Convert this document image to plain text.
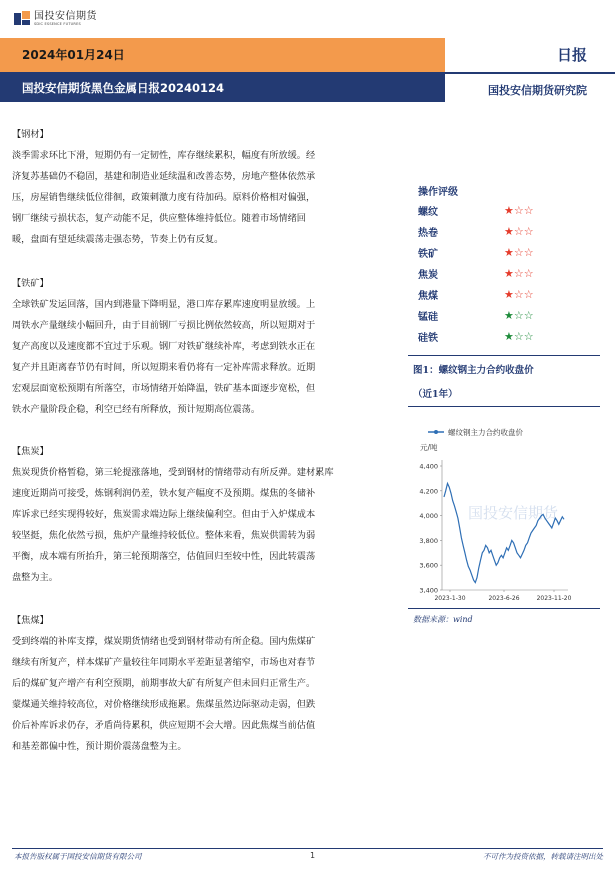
国投安信期货
SDIC ESSENCE FUTURES
2024年01月24日
国投安信期货黑色金属日报20240124
日报
国投安信期货研究院
【钢材】
淡季需求环比下滑，短期仍有一定韧性，库存继续累积，幅度有所放缓。经
济复苏基础仍不稳固，基建和制造业延续温和改善态势，房地产整体依然承
压，房屋销售继续低位徘徊，政策刺激力度有待加码。原料价格相对偏强，
钢厂继续亏损状态，复产动能不足，供应整体维持低位。随着市场情绪回
暖，盘面有望延续震荡走强态势，节奏上仍有反复。
【铁矿】
全球铁矿发运回落，国内到港量下降明显，港口库存累库速度明显放缓。上
周铁水产量继续小幅回升，由于目前钢厂亏损比例依然较高，所以短期对于
复产高度以及速度都不宜过于乐观。钢厂对铁矿继续补库，考虑到铁水正在
复产并且距离春节仍有时间，所以短期来看仍将有一定补库需求释放。近期
宏观层面宽松预期有所落空，市场情绪开始降温，铁矿基本面逐步宽松，但
铁水产量阶段企稳，利空已经有所释放，预计短期高位震荡。
【焦炭】
焦炭现货价格暂稳，第三轮提涨落地，受到钢材的情绪带动有所反弹。建材累库
速度近期尚可接受，炼钢利润仍差，铁水复产幅度不及预期。煤焦的冬储补
库诉求已经实现得较好，焦炭需求端边际上继续偏利空。但由于入炉煤成本
较坚挺，焦化依然亏损，焦炉产量维持较低位。整体来看，焦炭供需转为弱
平衡，成本端有所抬升，第三轮预期落空，估值回归至较中性，因此转震荡
盘整为主。
【焦煤】
受到终端的补库支撑，煤炭期货情绪也受到钢材带动有所企稳。国内焦煤矿
继续有所复产，样本煤矿产量较往年同期水平差距显著缩窄，市场也对春节
后的煤矿复产增产有利空预期，前期事故大矿有所复产但未回归正常生产。
蒙煤通关维持较高位，对价格继续形成拖累。焦煤虽然边际驱动走弱，但跌
价后补库诉求仍存，矛盾尚待累积，供应短期不会大增。因此焦煤当前估值
和基差都偏中性，预计期价震荡盘整为主。
操作评级
螺纹	★☆☆
热卷	★☆☆
铁矿	★☆☆
焦炭	★☆☆
焦煤	★☆☆
锰硅	★☆☆
硅铁	★☆☆
图1：螺纹钢主力合约收盘价
（近1年）
国投安信期货
螺纹钢主力合约收盘价
元/吨
3,400
3,600
3,800
4,000
4,200
4,400
2023-1-30	2023-6-26	2023-11-20
数据来源：wind
本报告版权属于国投安信期货有限公司	1	不可作为投资依据，转载请注明出处
